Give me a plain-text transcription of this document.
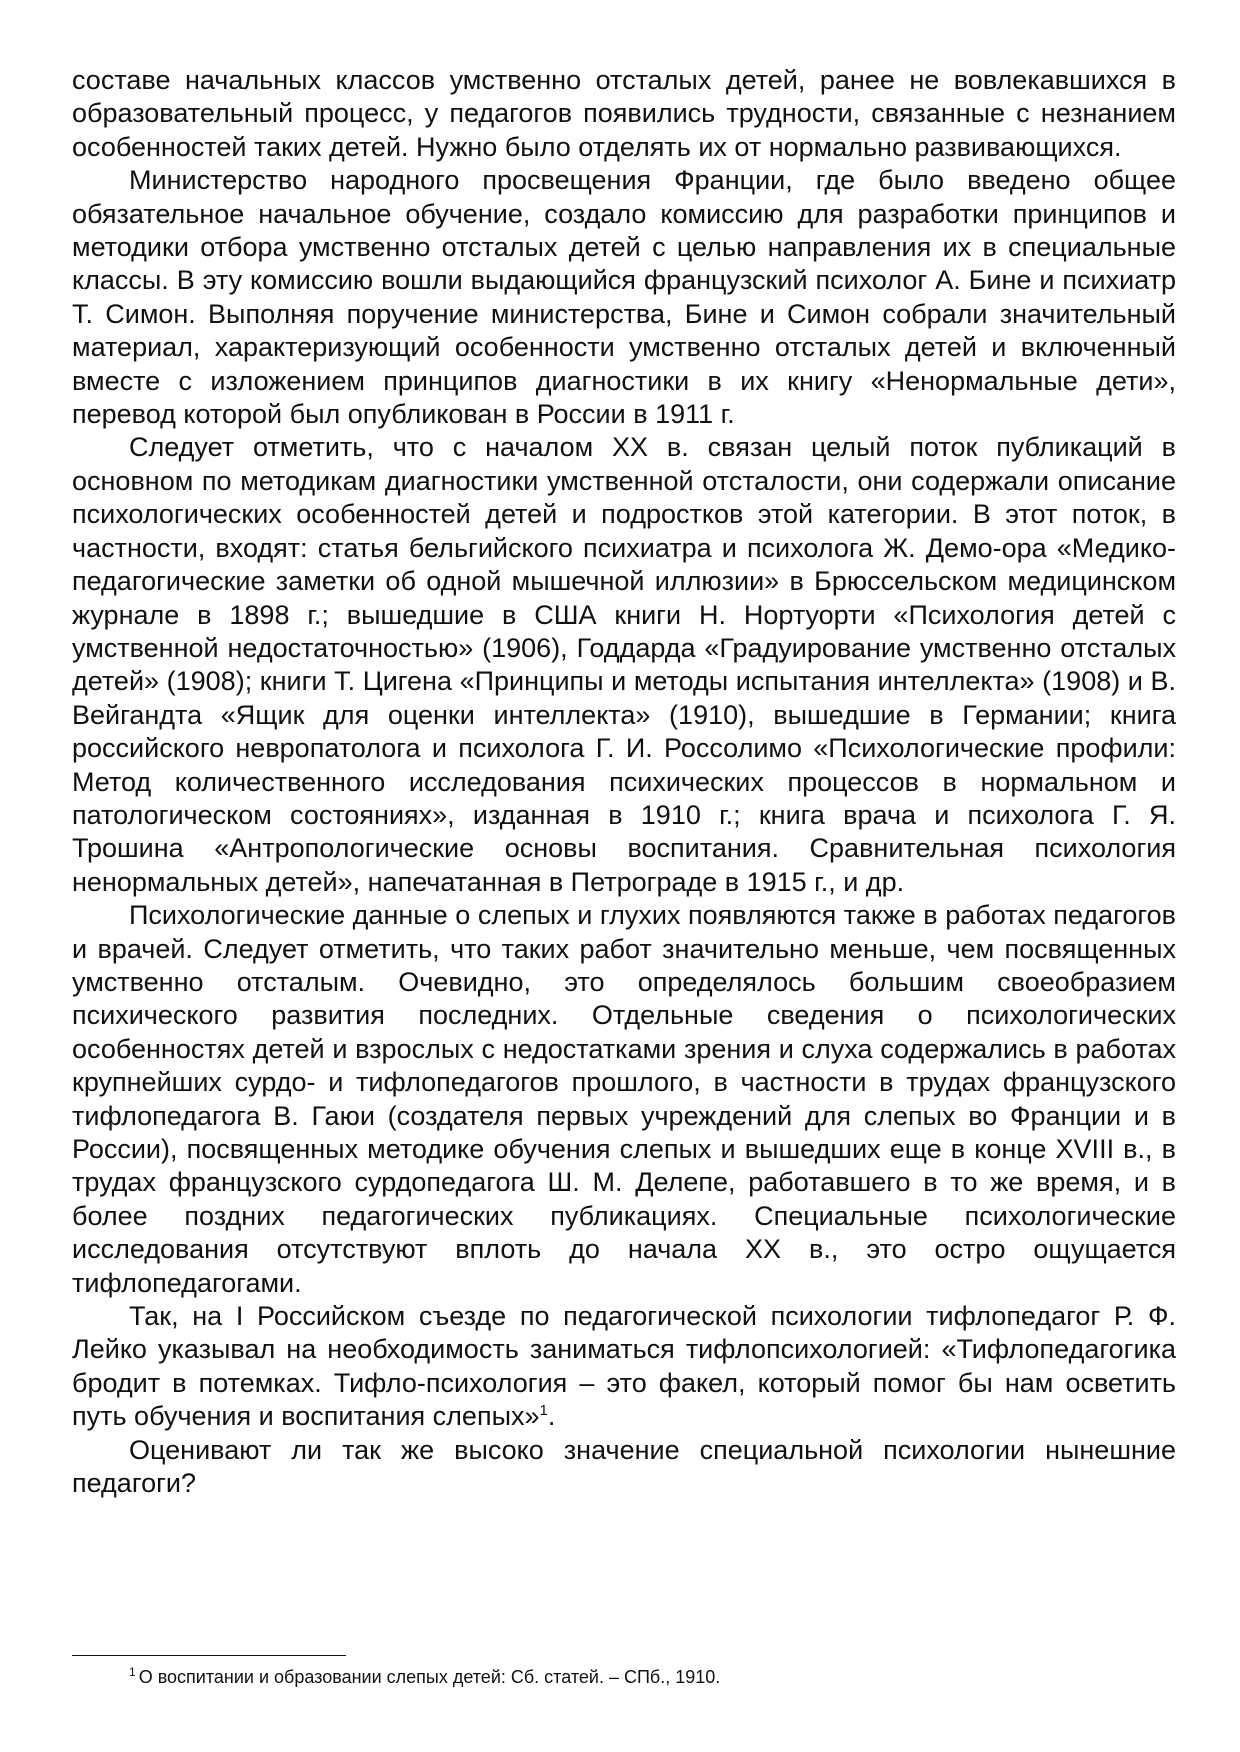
составе начальных классов умственно отсталых детей, ранее не вовлекавшихся в образовательный процесс, у педагогов появились трудности, связанные с незнанием особенностей таких детей. Нужно было отделять их от нормально развивающихся.

Министерство народного просвещения Франции, где было введено общее обязательное начальное обучение, создало комиссию для разработки принципов и методики отбора умственно отсталых детей с целью направления их в специальные классы. В эту комиссию вошли выдающийся французский психолог А. Бине и психиатр Т. Симон. Выполняя поручение министерства, Бине и Симон собрали значительный материал, характеризующий особенности умственно отсталых детей и включенный вместе с изложением принципов диагностики в их книгу «Ненормальные дети», перевод которой был опубликован в России в 1911 г.

Следует отметить, что с началом XX в. связан целый поток публикаций в основном по методикам диагностики умственной отсталости, они содержали описание психологических особенностей детей и подростков этой категории. В этот поток, в частности, входят: статья бельгийского психиатра и психолога Ж. Демо-ора «Медико-педагогические заметки об одной мышечной иллюзии» в Брюссельском медицинском журнале в 1898 г.; вышедшие в США книги Н. Нортуорти «Психология детей с умственной недостаточностью» (1906), Годдарда «Градуирование умственно отсталых детей» (1908); книги Т. Цигена «Принципы и методы испытания интеллекта» (1908) и В. Вейгандта «Ящик для оценки интеллекта» (1910), вышедшие в Германии; книга российского невропатолога и психолога Г. И. Россолимо «Психологические профили: Метод количественного исследования психических процессов в нормальном и патологическом состояниях», изданная в 1910 г.; книга врача и психолога Г. Я. Трошина «Антропологические основы воспитания. Сравнительная психология ненормальных детей», напечатанная в Петрограде в 1915 г., и др.

Психологические данные о слепых и глухих появляются также в работах педагогов и врачей. Следует отметить, что таких работ значительно меньше, чем посвященных умственно отсталым. Очевидно, это определялось большим своеобразием психического развития последних. Отдельные сведения о психологических особенностях детей и взрослых с недостатками зрения и слуха содержались в работах крупнейших сурдо- и тифлопедагогов прошлого, в частности в трудах французского тифлопедагога В. Гаюи (создателя первых учреждений для слепых во Франции и в России), посвященных методике обучения слепых и вышедших еще в конце XVIII в., в трудах французского сурдопедагога Ш. М. Делепе, работавшего в то же время, и в более поздних педагогических публикациях. Специальные психологические исследования отсутствуют вплоть до начала XX в., это остро ощущается тифлопедагогами.

Так, на I Российском съезде по педагогической психологии тифлопедагог Р. Ф. Лейко указывал на необходимость заниматься тифлопсихологией: «Тифлопедагогика бродит в потемках. Тифло-психология – это факел, который помог бы нам осветить путь обучения и воспитания слепых»$^1$.

Оценивают ли так же высоко значение специальной психологии нынешние педагоги?

$^1$ О воспитании и образовании слепых детей: Сб. статей. – СПб., 1910.
